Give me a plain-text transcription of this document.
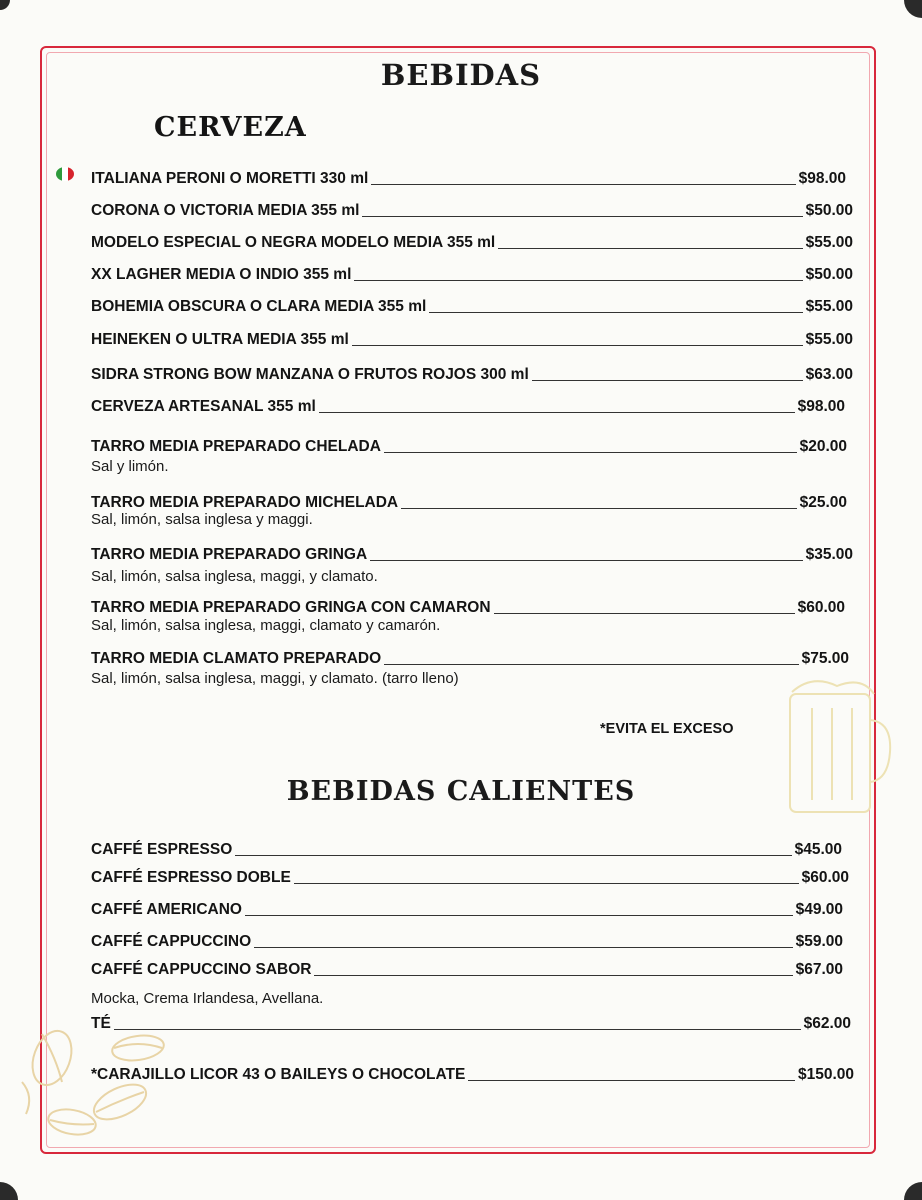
BEBIDAS
CERVEZA
ITALIANA PERONI O MORETTI 330 ml	$98.00
CORONA O VICTORIA MEDIA 355 ml	$50.00
MODELO ESPECIAL O NEGRA MODELO MEDIA 355 ml	$55.00
XX LAGHER MEDIA O INDIO 355 ml	$50.00
BOHEMIA OBSCURA O CLARA MEDIA 355 ml	$55.00
HEINEKEN O ULTRA MEDIA 355 ml	$55.00
SIDRA STRONG BOW MANZANA O FRUTOS ROJOS 300 ml	$63.00
CERVEZA ARTESANAL 355 ml	$98.00
TARRO MEDIA PREPARADO CHELADA	$20.00
Sal y limón.
TARRO MEDIA PREPARADO MICHELADA	$25.00
Sal, limón, salsa inglesa y maggi.
TARRO MEDIA PREPARADO GRINGA	$35.00
Sal, limón, salsa inglesa, maggi, y clamato.
TARRO MEDIA PREPARADO GRINGA CON CAMARON	$60.00
Sal, limón, salsa inglesa, maggi, clamato y camarón.
TARRO MEDIA CLAMATO PREPARADO	$75.00
Sal, limón, salsa inglesa, maggi, y clamato. (tarro lleno)
*EVITA EL EXCESO
BEBIDAS CALIENTES
CAFFÉ ESPRESSO	$45.00
CAFFÉ ESPRESSO DOBLE	$60.00
CAFFÉ AMERICANO	$49.00
CAFFÉ CAPPUCCINO	$59.00
CAFFÉ CAPPUCCINO SABOR	$67.00
Mocka, Crema Irlandesa, Avellana.
TÉ	$62.00
*CARAJILLO LICOR 43 O BAILEYS O CHOCOLATE	$150.00
